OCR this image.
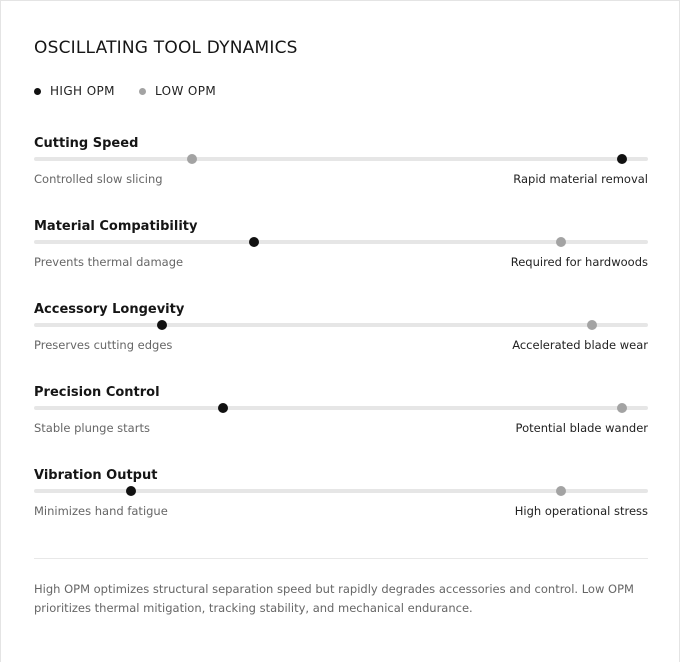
OSCILLATING TOOL DYNAMICS
HIGH OPM	LOW OPM
Cutting Speed
Controlled slow slicing	Rapid material removal
Material Compatibility
Prevents thermal damage	Required for hardwoods
Accessory Longevity
Preserves cutting edges	Accelerated blade wear
Precision Control
Stable plunge starts	Potential blade wander
Vibration Output
Minimizes hand fatigue	High operational stress
High OPM optimizes structural separation speed but rapidly degrades accessories and control. Low OPM prioritizes thermal mitigation, tracking stability, and mechanical endurance.
